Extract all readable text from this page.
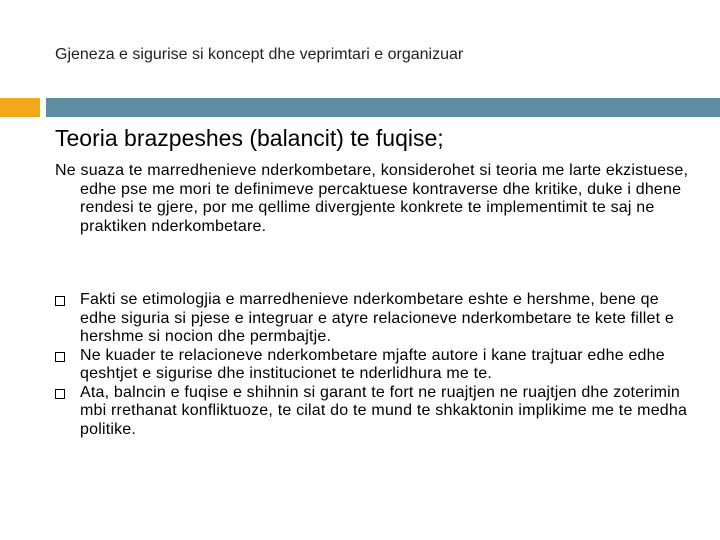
Gjeneza e sigurise si koncept dhe veprimtari e organizuar
Teoria brazpeshes (balancit) te fuqise;
Ne suaza te marredhenieve nderkombetare, konsiderohet si teoria me larte ekzistuese, edhe pse me mori te definimeve percaktuese kontraverse dhe kritike, duke i dhene rendesi te gjere, por me qellime divergjente konkrete te implementimit te saj ne praktiken nderkombetare.
Fakti se etimologjia e marredhenieve nderkombetare eshte e hershme, bene qe edhe siguria si pjese e integruar e atyre relacioneve nderkombetare te kete fillet e hershme si nocion dhe permbajtje.
Ne kuader te relacioneve nderkombetare mjafte autore i kane trajtuar edhe edhe qeshtjet e sigurise dhe institucionet te nderlidhura me te.
Ata, balncin e fuqise e shihnin si garant te fort ne ruajtjen ne ruajtjen dhe zoterimin mbi rrethanat konfliktuoze, te cilat do te mund te shkaktonin implikime me te medha politike.
